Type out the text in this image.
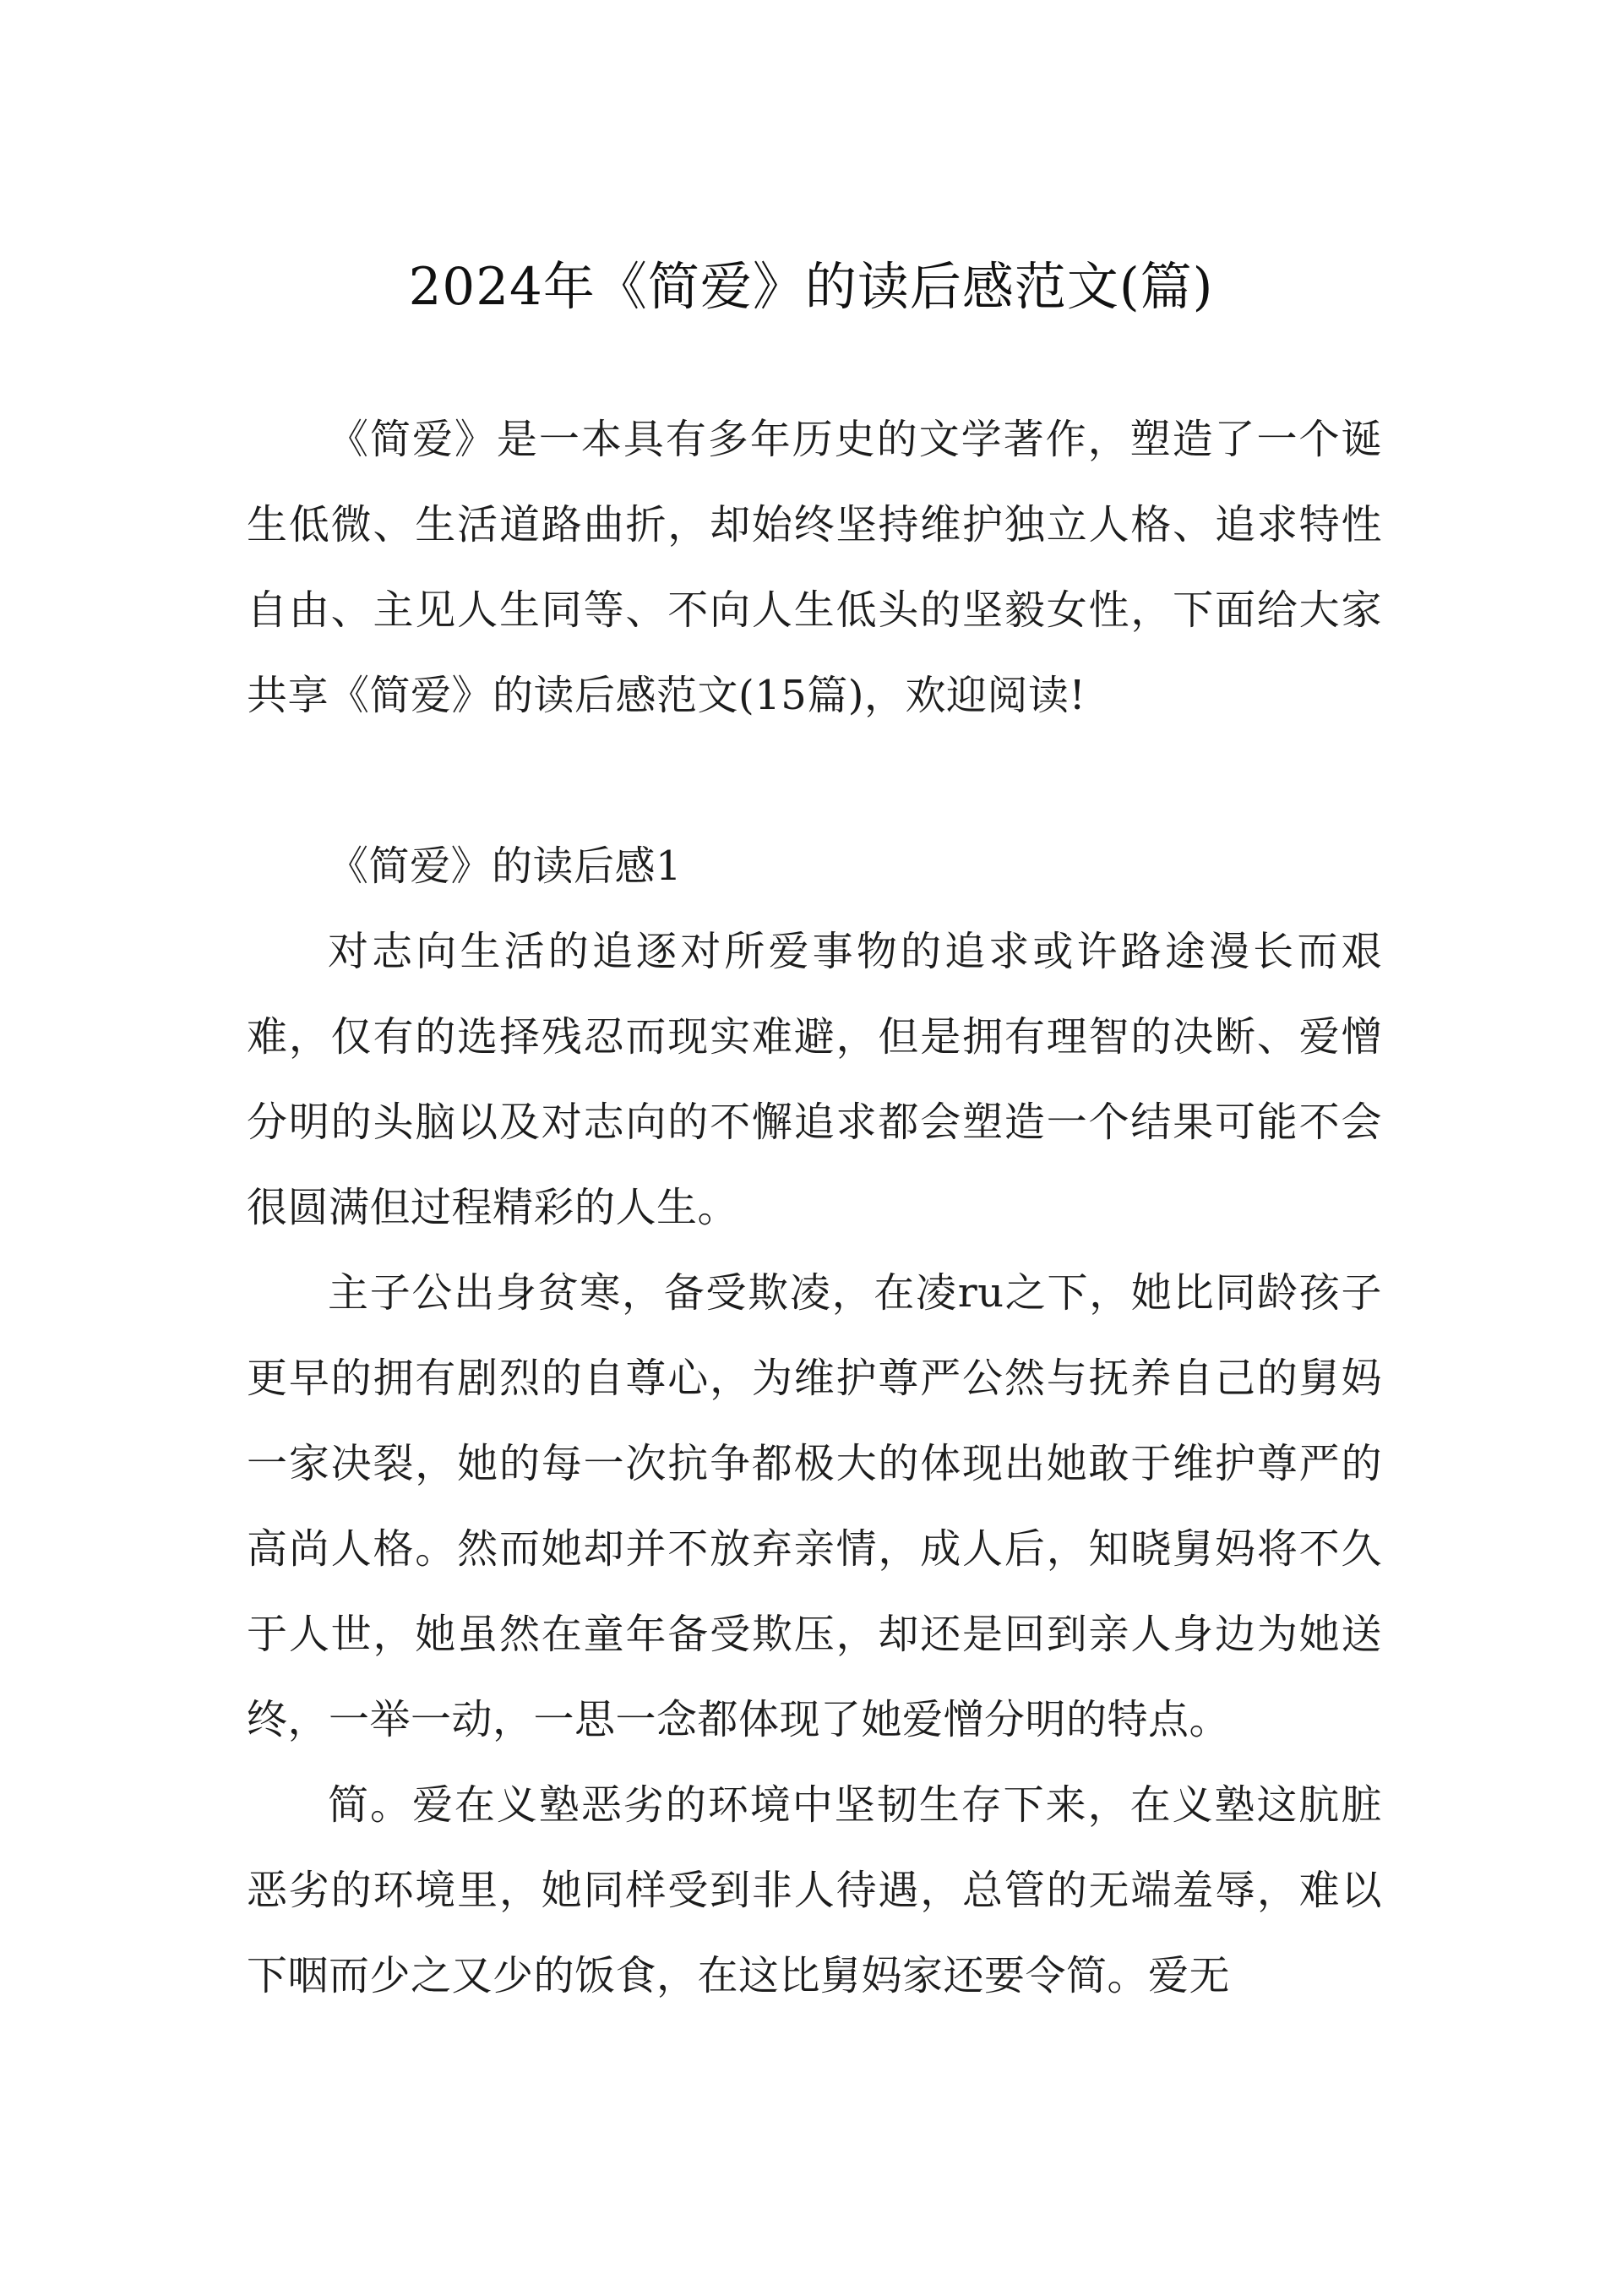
2024年《简爱》的读后感范文(篇)

《简爱》是一本具有多年历史的文学著作，塑造了一个诞生低微、生活道路曲折，却始终坚持维护独立人格、追求特性自由、主见人生同等、不向人生低头的坚毅女性，下面给大家共享《简爱》的读后感范文(15篇)，欢迎阅读!

《简爱》的读后感1

对志向生活的追逐对所爱事物的追求或许路途漫长而艰难，仅有的选择残忍而现实难避，但是拥有理智的决断、爱憎分明的头脑以及对志向的不懈追求都会塑造一个结果可能不会很圆满但过程精彩的人生。

主子公出身贫寒，备受欺凌，在凌ru之下，她比同龄孩子更早的拥有剧烈的自尊心，为维护尊严公然与抚养自己的舅妈一家决裂，她的每一次抗争都极大的体现出她敢于维护尊严的高尚人格。然而她却并不放弃亲情，成人后，知晓舅妈将不久于人世，她虽然在童年备受欺压，却还是回到亲人身边为她送终，一举一动，一思一念都体现了她爱憎分明的特点。

简。爱在义塾恶劣的环境中坚韧生存下来，在义塾这肮脏恶劣的环境里，她同样受到非人待遇，总管的无端羞辱，难以下咽而少之又少的饭食，在这比舅妈家还要令简。爱无
